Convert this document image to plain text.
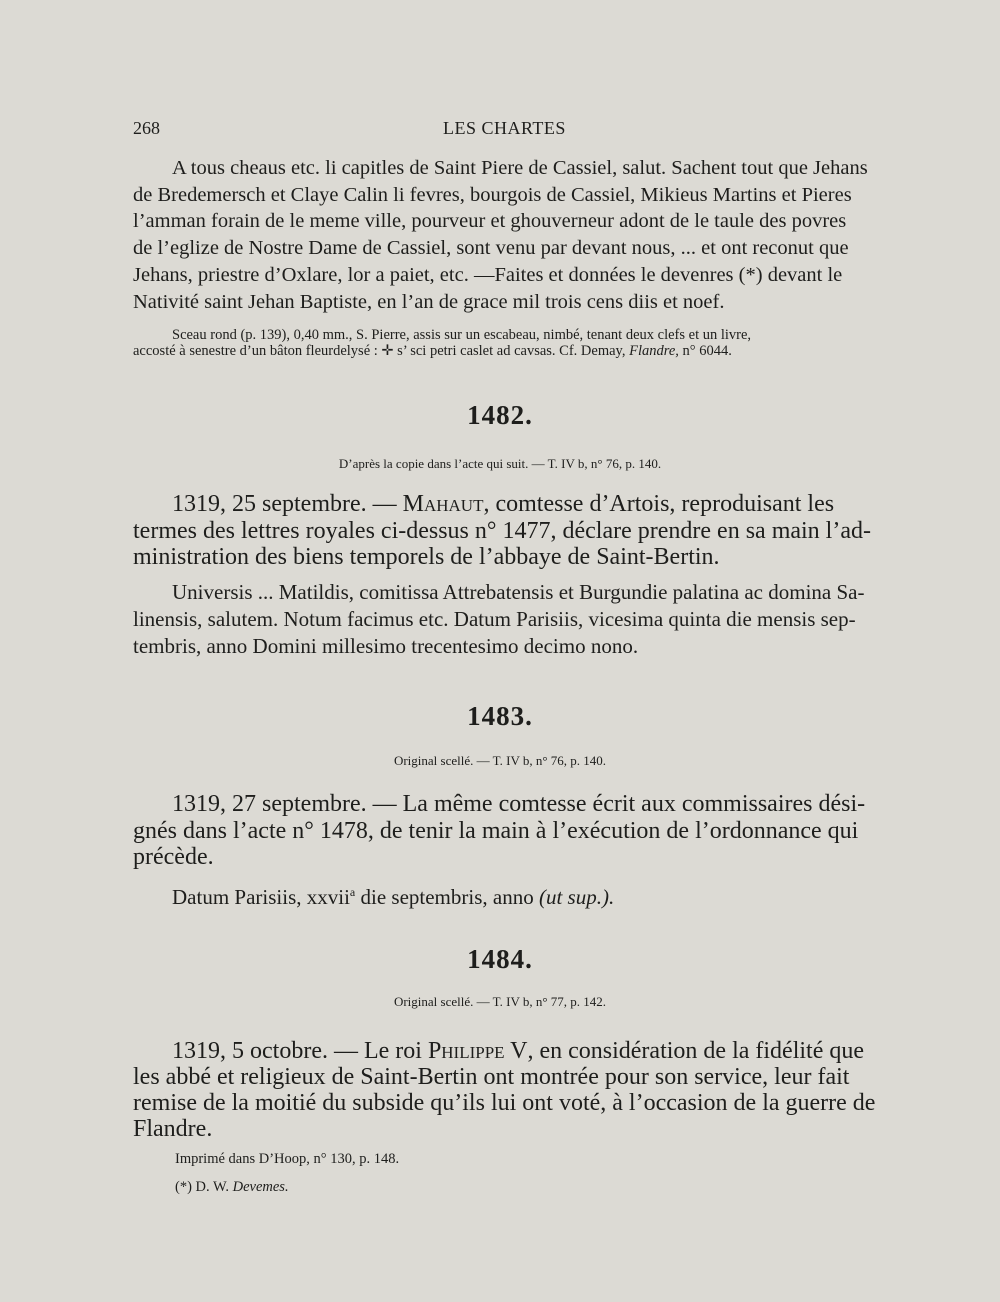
268	LES CHARTES
A tous cheaus etc. li capitles de Saint Piere de Cassiel, salut. Sachent tout que Jehans
de Bredemersch et Claye Calin li fevres, bourgois de Cassiel, Mikieus Martins et Pieres
l’amman forain de le meme ville, pourveur et ghouverneur adont de le taule des povres
de l’eglize de Nostre Dame de Cassiel, sont venu par devant nous, ... et ont reconut que
Jehans, priestre d’Oxlare, lor a paiet, etc. —Faites et données le devenres (*) devant le
Nativité saint Jehan Baptiste, en l’an de grace mil trois cens diis et noef.
Sceau rond (p. 139), 0,40 mm., S. Pierre, assis sur un escabeau, nimbé, tenant deux clefs et un livre,
accosté à senestre d’un bâton fleurdelysé : ✛ s’ sci petri caslet ad cavsas. Cf. Demay, Flandre, n° 6044.
1482.
D’après la copie dans l’acte qui suit. — T. IV b, n° 76, p. 140.
1319, 25 septembre. — Mahaut, comtesse d’Artois, reproduisant les
termes des lettres royales ci-dessus n° 1477, déclare prendre en sa main l’ad-
ministration des biens temporels de l’abbaye de Saint-Bertin.
Universis ... Matildis, comitissa Attrebatensis et Burgundie palatina ac domina Sa-
linensis, salutem. Notum facimus etc. Datum Parisiis, vicesima quinta die mensis sep-
tembris, anno Domini millesimo trecentesimo decimo nono.
1483.
Original scellé. — T. IV b, n° 76, p. 140.
1319, 27 septembre. — La même comtesse écrit aux commissaires dési-
gnés dans l’acte n° 1478, de tenir la main à l’exécution de l’ordonnance qui
précède.
Datum Parisiis, xxvii$^a$ die septembris, anno (ut sup.).
1484.
Original scellé. — T. IV b, n° 77, p. 142.
1319, 5 octobre. — Le roi Philippe V, en considération de la fidélité que
les abbé et religieux de Saint-Bertin ont montrée pour son service, leur fait
remise de la moitié du subside qu’ils lui ont voté, à l’occasion de la guerre de
Flandre.
Imprimé dans D’Hoop, n° 130, p. 148.
(*) D. W. Devemes.
